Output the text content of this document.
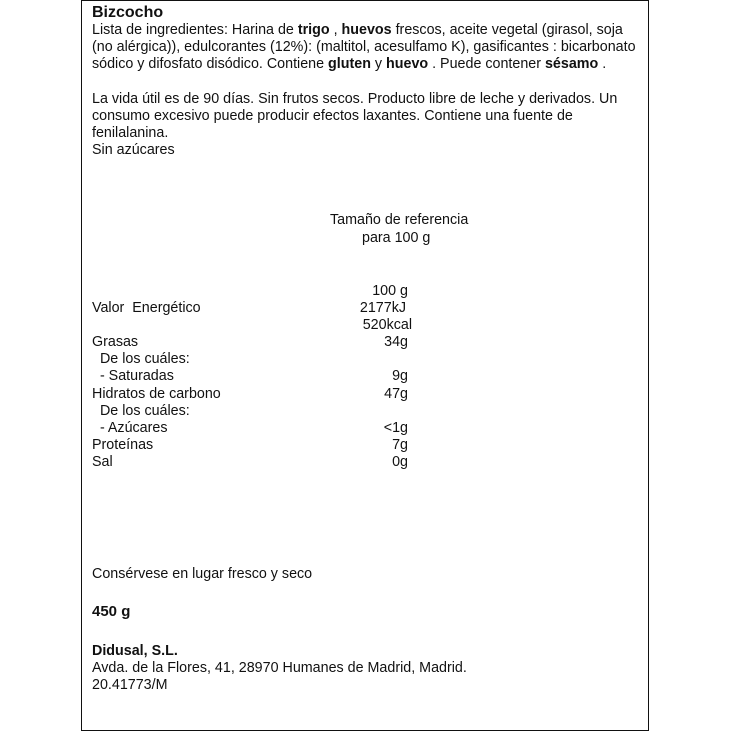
Bizcocho

Lista de ingredientes: Harina de trigo , huevos frescos, aceite vegetal (girasol, soja (no alérgica)), edulcorantes (12%): (maltitol, acesulfamo K), gasificantes : bicarbonato sódico y difosfato disódico. Contiene gluten y huevo . Puede contener sésamo .

La vida útil es de 90 días. Sin frutos secos. Producto libre de leche y derivados. Un consumo excesivo puede producir efectos laxantes. Contiene una fuente de fenilalanina.

Sin azúcares

Tamaño de referencia
para 100 g
100 g
Valor  Energético	2177kJ
520kcal
Grasas	34g
De los cuáles:
- Saturadas	9g
Hidratos de carbono	47g
De los cuáles:
- Azúcares	<1g
Proteínas	7g
Sal	0g
Consérvese en lugar fresco y seco
450 g
Didusal, S.L.
Avda. de la Flores, 41, 28970 Humanes de Madrid, Madrid.
20.41773/M
